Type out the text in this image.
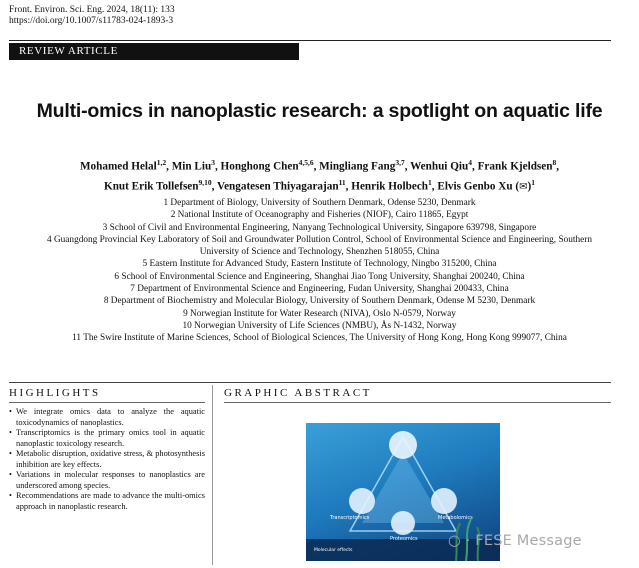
Front. Environ. Sci. Eng. 2024, 18(11): 133
https://doi.org/10.1007/s11783-024-1893-3
REVIEW ARTICLE
Multi-omics in nanoplastic research: a spotlight on aquatic life
Mohamed Helal$^{1,2}$, Min Liu$^3$, Honghong Chen$^{4,5,6}$, Mingliang Fang$^{3,7}$, Wenhui Qiu$^4$, Frank Kjeldsen$^8$,
Knut Erik Tollefsen$^{9,10}$, Vengatesen Thiyagarajan$^{11}$, Henrik Holbech$^1$, Elvis Genbo Xu (✉)$^1$
1 Department of Biology, University of Southern Denmark, Odense 5230, Denmark
2 National Institute of Oceanography and Fisheries (NIOF), Cairo 11865, Egypt
3 School of Civil and Environmental Engineering, Nanyang Technological University, Singapore 639798, Singapore
4 Guangdong Provincial Key Laboratory of Soil and Groundwater Pollution Control, School of Environmental Science and Engineering, Southern
University of Science and Technology, Shenzhen 518055, China
5 Eastern Institute for Advanced Study, Eastern Institute of Technology, Ningbo 315200, China
6 School of Environmental Science and Engineering, Shanghai Jiao Tong University, Shanghai 200240, China
7 Department of Environmental Science and Engineering, Fudan University, Shanghai 200433, China
8 Department of Biochemistry and Molecular Biology, University of Southern Denmark, Odense M 5230, Denmark
9 Norwegian Institute for Water Research (NIVA), Oslo N-0579, Norway
10 Norwegian University of Life Sciences (NMBU), Ås N-1432, Norway
11 The Swire Institute of Marine Sciences, School of Biological Sciences, The University of Hong Kong, Hong Kong 999077, China
HIGHLIGHTS	GRAPHIC ABSTRACT
• We integrate omics data to analyze the aquatic toxicodynamics of nanoplastics.
• Transcriptomics is the primary omics tool in aquatic nanoplastic toxicology research.
• Metabolic disruption, oxidative stress, & photosynthesis inhibition are key effects.
• Variations in molecular responses to nanoplastics are underscored among species.
• Recommendations are made to advance the multi-omics approach in nanoplastic research.
Transcriptomics	Metabolomics
Proteomics
Molecular effects
○ · FESE Message
